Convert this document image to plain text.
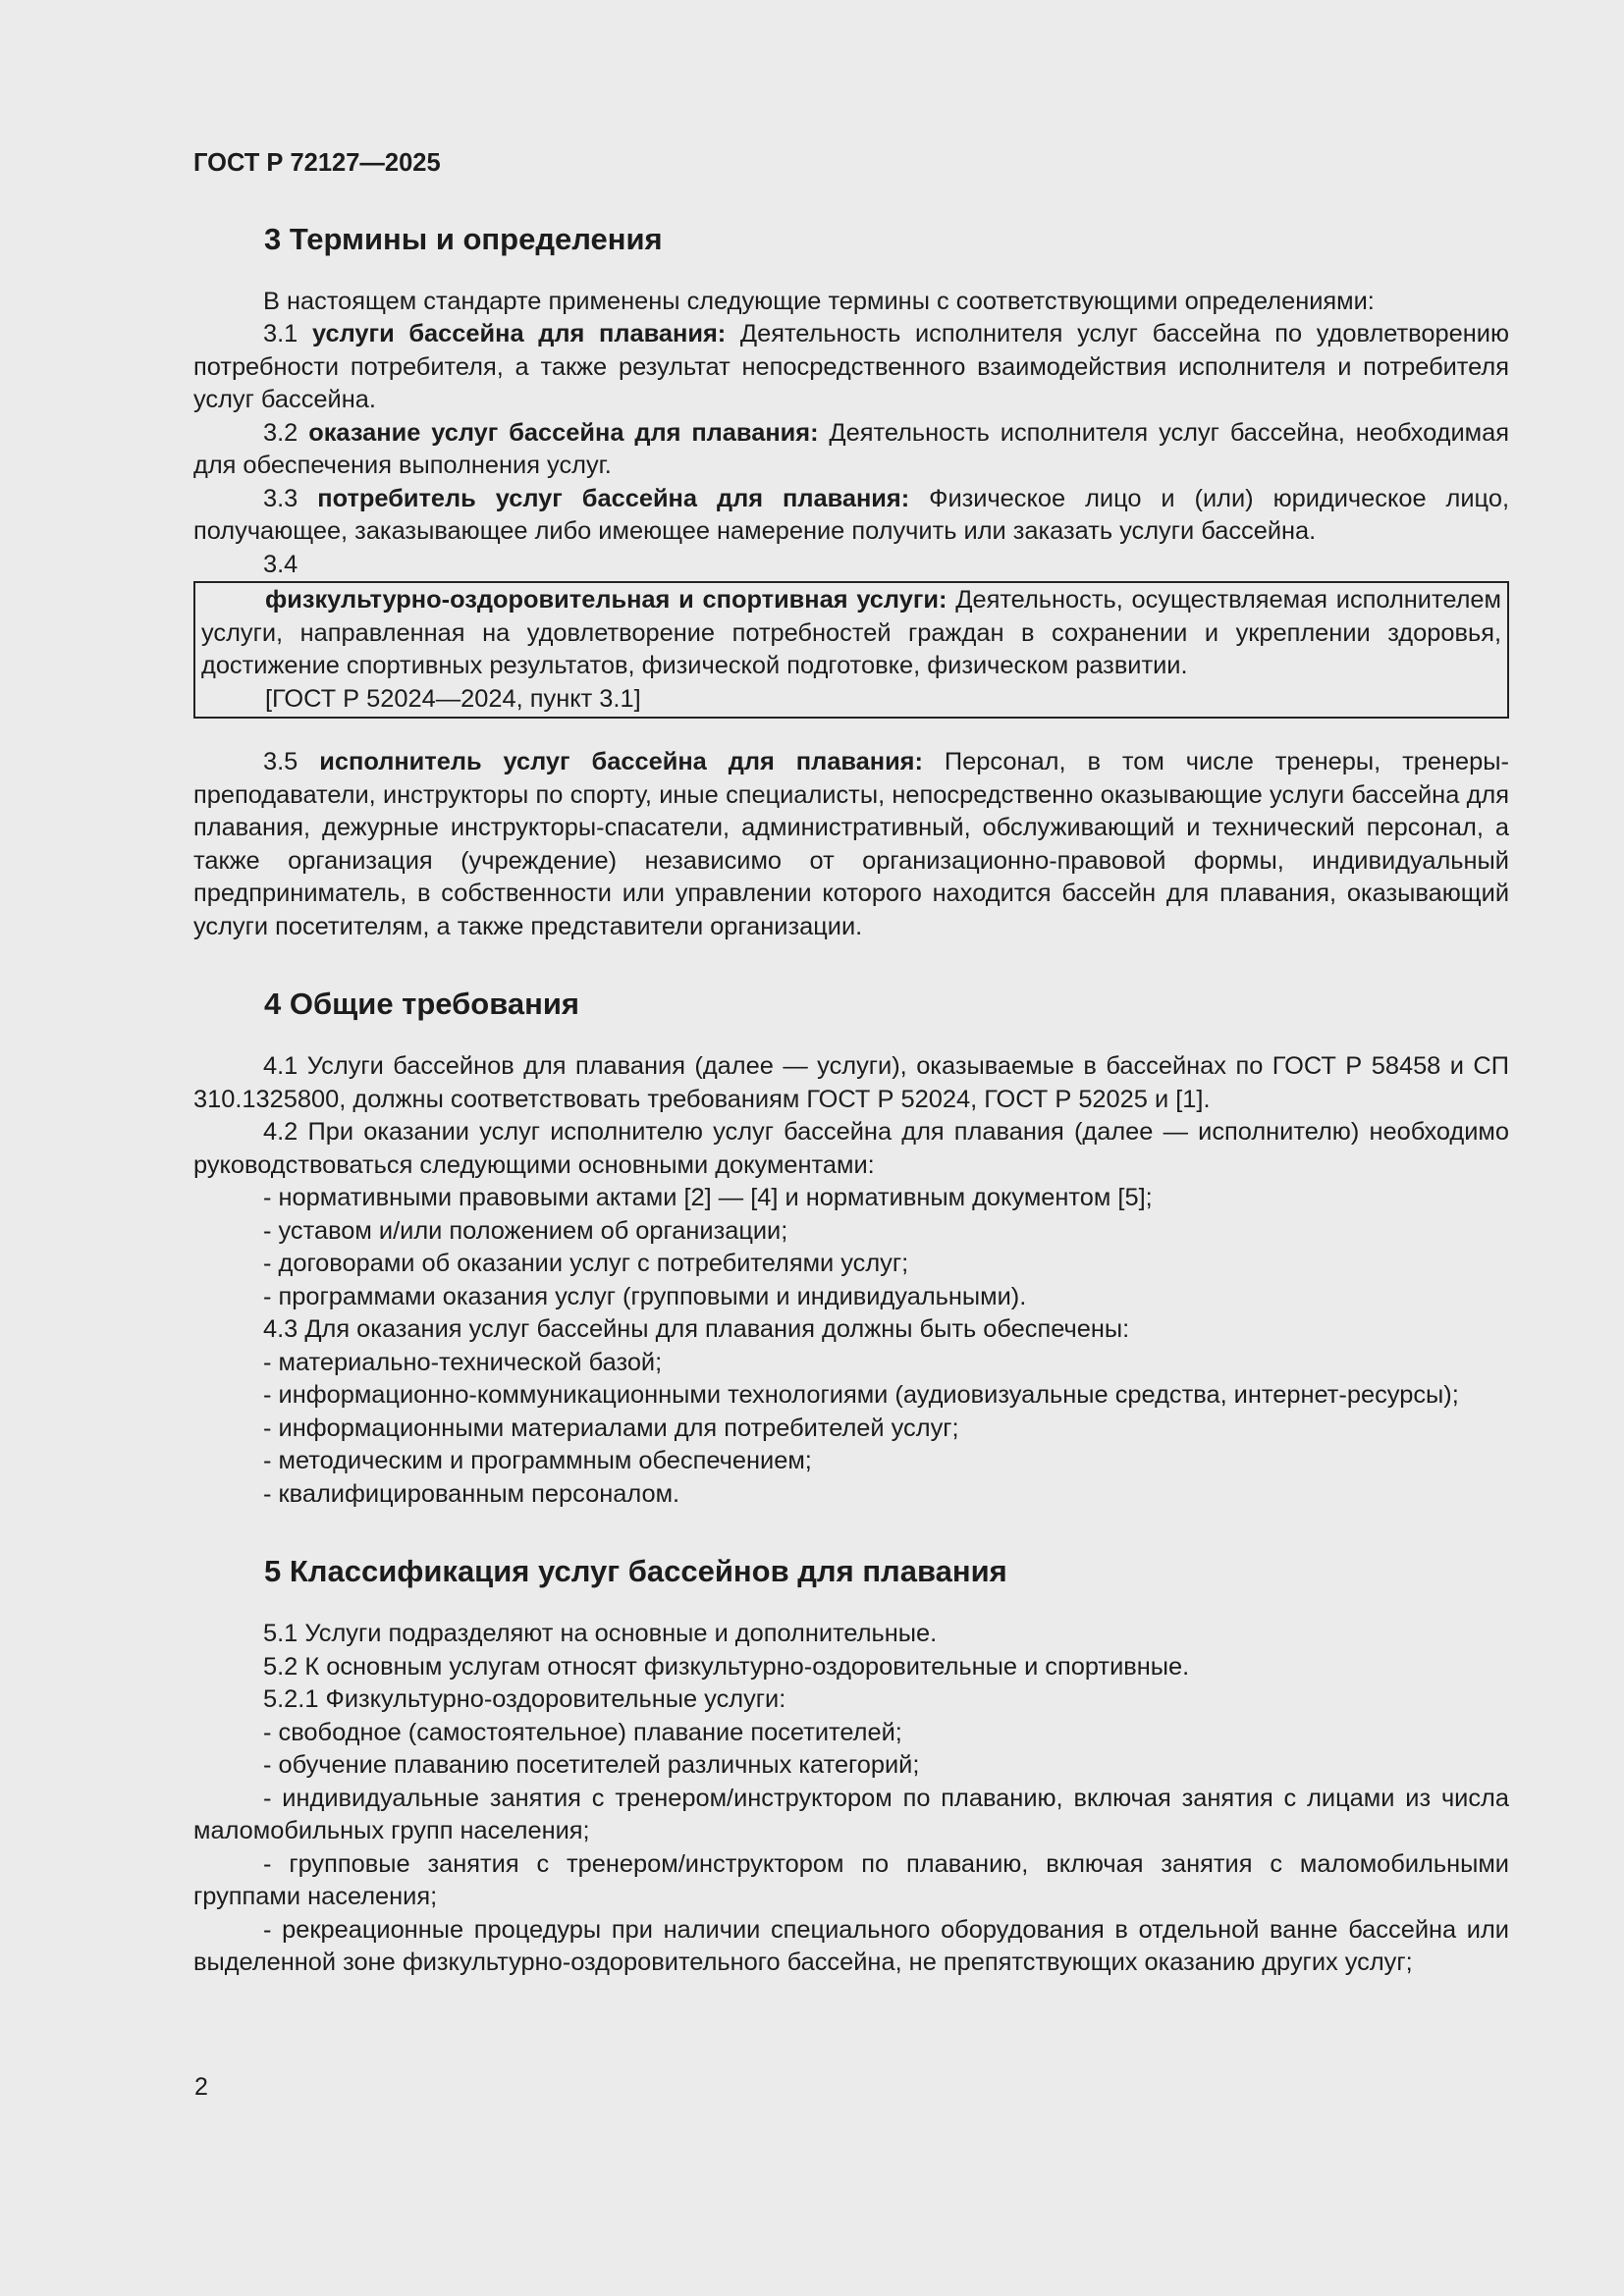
ГОСТ Р 72127—2025
3 Термины и определения

В настоящем стандарте применены следующие термины с соответствующими определениями:

3.1 услуги бассейна для плавания: Деятельность исполнителя услуг бассейна по удовлетворению потребности потребителя, а также результат непосредственного взаимодействия исполнителя и потребителя услуг бассейна.

3.2 оказание услуг бассейна для плавания: Деятельность исполнителя услуг бассейна, необходимая для обеспечения выполнения услуг.

3.3 потребитель услуг бассейна для плавания: Физическое лицо и (или) юридическое лицо, получающее, заказывающее либо имеющее намерение получить или заказать услуги бассейна.

3.4

физкультурно-оздоровительная и спортивная услуги: Деятельность, осуществляемая исполнителем услуги, направленная на удовлетворение потребностей граждан в сохранении и укреплении здоровья, достижение спортивных результатов, физической подготовке, физическом развитии.

[ГОСТ Р 52024—2024, пункт 3.1]

3.5 исполнитель услуг бассейна для плавания: Персонал, в том числе тренеры, тренеры-преподаватели, инструкторы по спорту, иные специалисты, непосредственно оказывающие услуги бассейна для плавания, дежурные инструкторы-спасатели, административный, обслуживающий и технический персонал, а также организация (учреждение) независимо от организационно-правовой формы, индивидуальный предприниматель, в собственности или управлении которого находится бассейн для плавания, оказывающий услуги посетителям, а также представители организации.

4 Общие требования

4.1 Услуги бассейнов для плавания (далее — услуги), оказываемые в бассейнах по ГОСТ Р 58458 и СП 310.1325800, должны соответствовать требованиям ГОСТ Р 52024, ГОСТ Р 52025 и [1].

4.2 При оказании услуг исполнителю услуг бассейна для плавания (далее — исполнителю) необходимо руководствоваться следующими основными документами:

- нормативными правовыми актами [2] — [4] и нормативным документом [5];

- уставом и/или положением об организации;

- договорами об оказании услуг с потребителями услуг;

- программами оказания услуг (групповыми и индивидуальными).

4.3 Для оказания услуг бассейны для плавания должны быть обеспечены:

- материально-технической базой;

- информационно-коммуникационными технологиями (аудиовизуальные средства, интернет-ресурсы);

- информационными материалами для потребителей услуг;

- методическим и программным обеспечением;

- квалифицированным персоналом.

5 Классификация услуг бассейнов для плавания

5.1 Услуги подразделяют на основные и дополнительные.

5.2 К основным услугам относят физкультурно-оздоровительные и спортивные.

5.2.1 Физкультурно-оздоровительные услуги:

- свободное (самостоятельное) плавание посетителей;

- обучение плаванию посетителей различных категорий;

- индивидуальные занятия с тренером/инструктором по плаванию, включая занятия с лицами из числа маломобильных групп населения;

- групповые занятия с тренером/инструктором по плаванию, включая занятия с маломобильными группами населения;

- рекреационные процедуры при наличии специального оборудования в отдельной ванне бассейна или выделенной зоне физкультурно-оздоровительного бассейна, не препятствующих оказанию других услуг;

2
